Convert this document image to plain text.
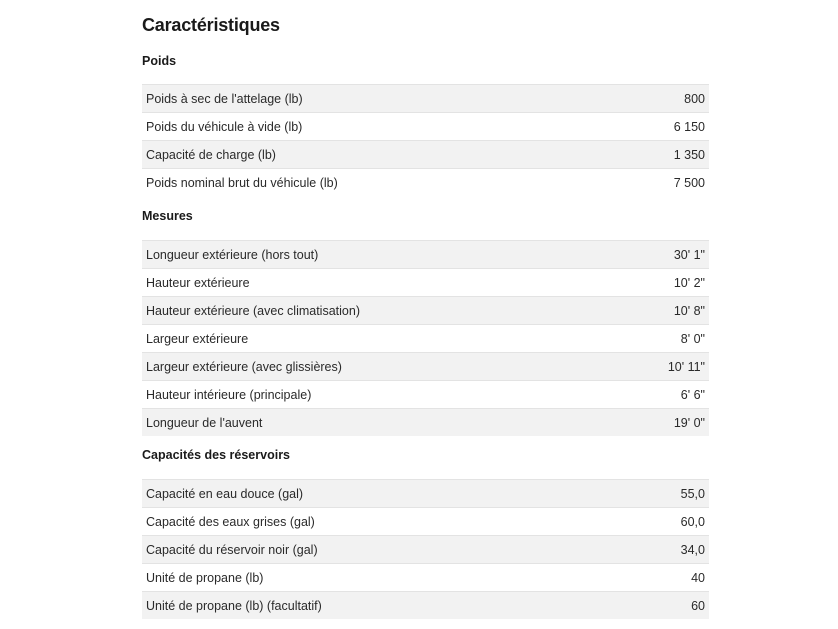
Caractéristiques
Poids
Poids à sec de l'attelage (lb)	800
Poids du véhicule à vide (lb)	6 150
Capacité de charge (lb)	1 350
Poids nominal brut du véhicule (lb)	7 500
Mesures
Longueur extérieure (hors tout)	30' 1"
Hauteur extérieure	10' 2"
Hauteur extérieure (avec climatisation)	10' 8"
Largeur extérieure	8' 0"
Largeur extérieure (avec glissières)	10' 11"
Hauteur intérieure (principale)	6' 6"
Longueur de l'auvent	19' 0"
Capacités des réservoirs
Capacité en eau douce (gal)	55,0
Capacité des eaux grises (gal)	60,0
Capacité du réservoir noir (gal)	34,0
Unité de propane (lb)	40
Unité de propane (lb) (facultatif)	60
